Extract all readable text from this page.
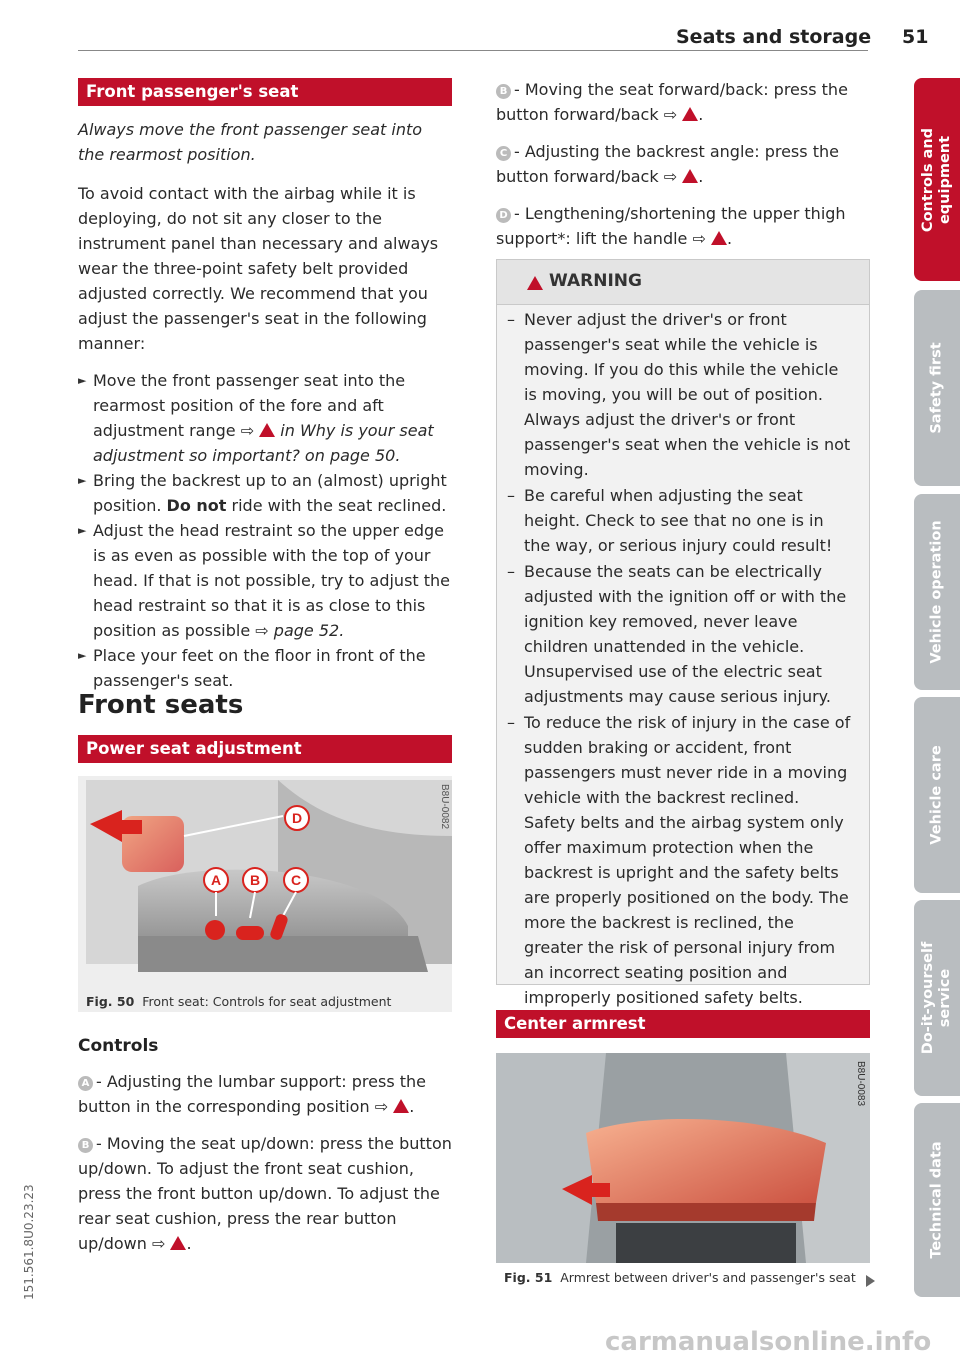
Seats and storage 51
Front passenger's seat

Always move the front passenger seat into the rearmost position.

To avoid contact with the airbag while it is deploying, do not sit any closer to the instrument panel than necessary and always wear the three-point safety belt provided adjusted correctly. We recommend that you adjust the passenger's seat in the following manner:

► Move the front passenger seat into the rearmost position of the fore and aft adjustment range ⇨  in Why is your seat adjustment so important? on page 50.

► Bring the backrest up to an (almost) upright position. Do not ride with the seat reclined.

► Adjust the head restraint so the upper edge is as even as possible with the top of your head. If that is not possible, try to adjust the head restraint so that it is as close to this position as possible ⇨ page 52.

► Place your feet on the floor in front of the passenger's seat.

Front seats
Power seat adjustment
D
A B C
B8U-0082
Fig. 50 Front seat: Controls for seat adjustment
Controls

A - Adjusting the lumbar support: press the button in the corresponding position ⇨ .

B - Moving the seat up/down: press the button up/down. To adjust the front seat cushion, press the front button up/down. To adjust the rear seat cushion, press the rear button up/down ⇨ .

B - Moving the seat forward/back: press the button forward/back ⇨ .

C - Adjusting the backrest angle: press the button forward/back ⇨ .

D - Lengthening/shortening the upper thigh support*: lift the handle ⇨ .

WARNING
– Never adjust the driver's or front passenger's seat while the vehicle is moving. If you do this while the vehicle is moving, you will be out of position. Always adjust the driver's or front passenger's seat when the vehicle is not moving.
– Be careful when adjusting the seat height. Check to see that no one is in the way, or serious injury could result!
– Because the seats can be electrically adjusted with the ignition off or with the ignition key removed, never leave children unattended in the vehicle. Unsupervised use of the electric seat adjustments may cause serious injury.
– To reduce the risk of injury in the case of sudden braking or accident, front passengers must never ride in a moving vehicle with the backrest reclined. Safety belts and the airbag system only offer maximum protection when the backrest is upright and the safety belts are properly positioned on the body. The more the backrest is reclined, the greater the risk of personal injury from an incorrect seating position and improperly positioned safety belts.
Center armrest
B8U-0083
Fig. 51 Armrest between driver's and passenger's seat
Controls and equipment
Safety first
Vehicle operation
Vehicle care
Do-it-yourself service
Technical data
151.561.8U0.23.23
carmanualsonline.info
